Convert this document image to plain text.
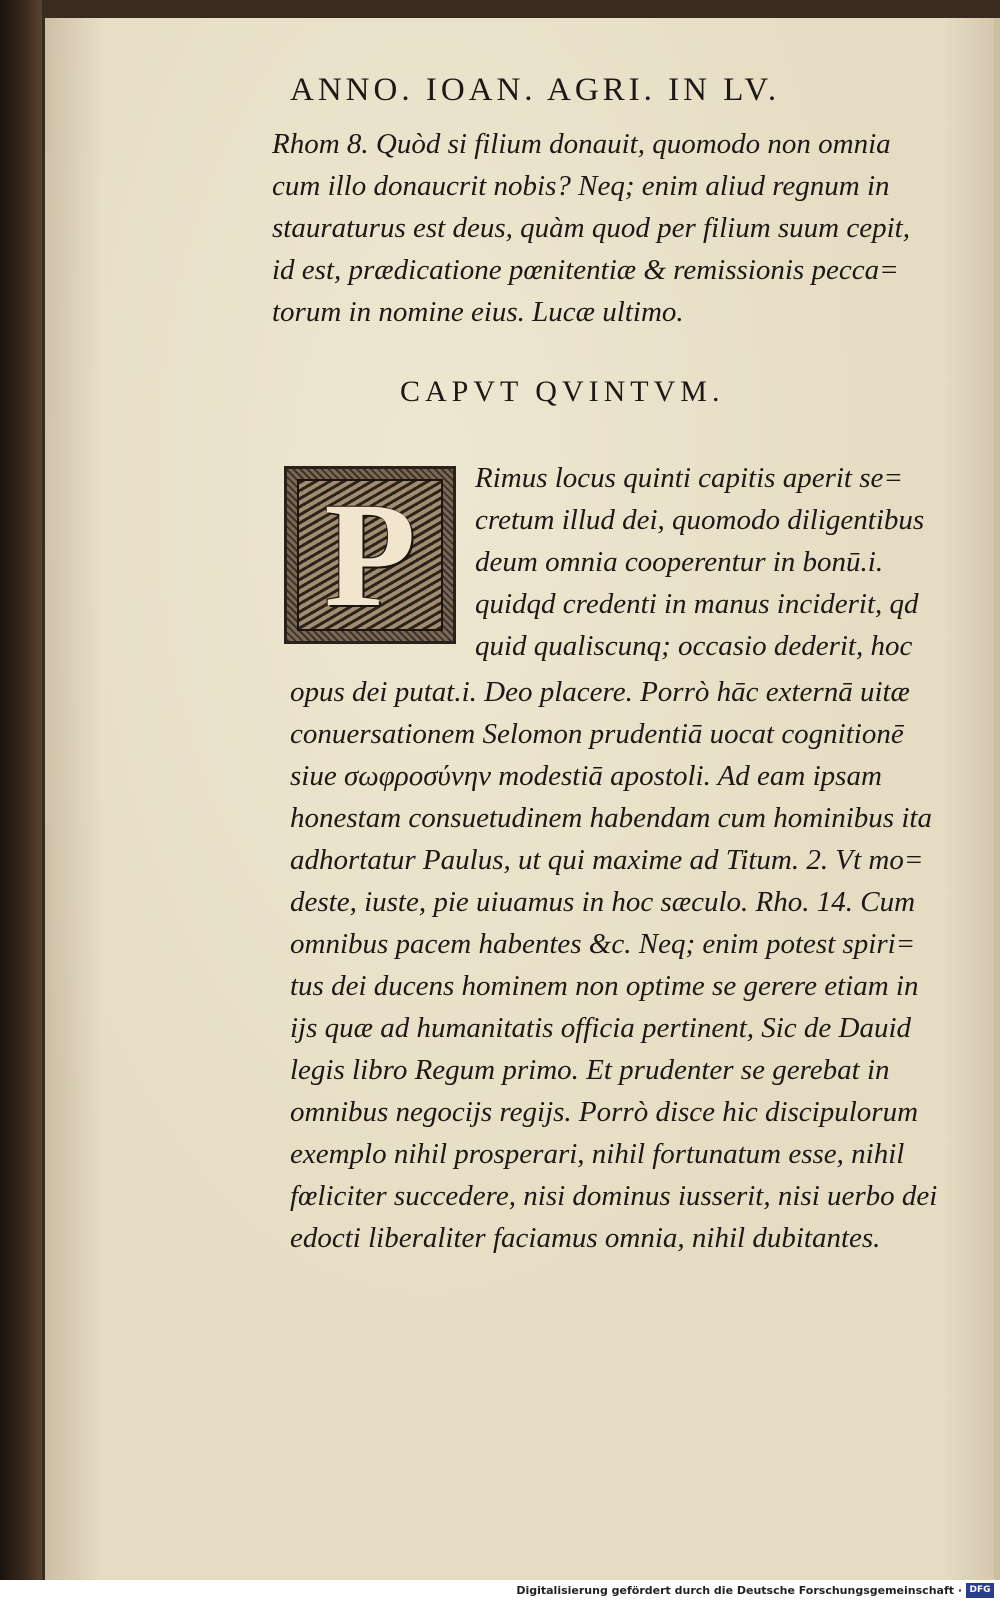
ANNO. IOAN. AGRI. IN LV.

Rhom 8. Quòd si filium donauit, quomodo non omnia

cum illo donaucrit nobis? Neq; enim aliud regnum in

stauraturus est deus, quàm quod per filium suum cepit,

id est, prædicatione pœnitentiæ & remissionis pecca=

torum in nomine eius. Lucæ ultimo.

CAPVT QVINTVM.

P	Rimus locus quinti capitis aperit se=

cretum illud dei, quomodo diligentibus

deum omnia cooperentur in bonū.i.

quidqd credenti in manus inciderit, qd

quid qualiscunq; occasio dederit, hoc

opus dei putat.i. Deo placere. Porrò hāc externā uitæ

conuersationem Selomon prudentiā uocat cognitionē

siue σωφροσύνην modestiā apostoli. Ad eam ipsam

honestam consuetudinem habendam cum hominibus ita

adhortatur Paulus, ut qui maxime ad Titum. 2. Vt mo=

deste, iuste, pie uiuamus in hoc sæculo. Rho. 14. Cum

omnibus pacem habentes &c. Neq; enim potest spiri=

tus dei ducens hominem non optime se gerere etiam in

ijs quæ ad humanitatis officia pertinent, Sic de Dauid

legis libro Regum primo. Et prudenter se gerebat in

omnibus negocijs regijs. Porrò disce hic discipulorum

exemplo nihil prosperari, nihil fortunatum esse, nihil

fœliciter succedere, nisi dominus iusserit, nisi uerbo dei

edocti liberaliter faciamus omnia, nihil dubitantes.

Digitalisierung gefördert durch die Deutsche Forschungsgemeinschaft · DFG
